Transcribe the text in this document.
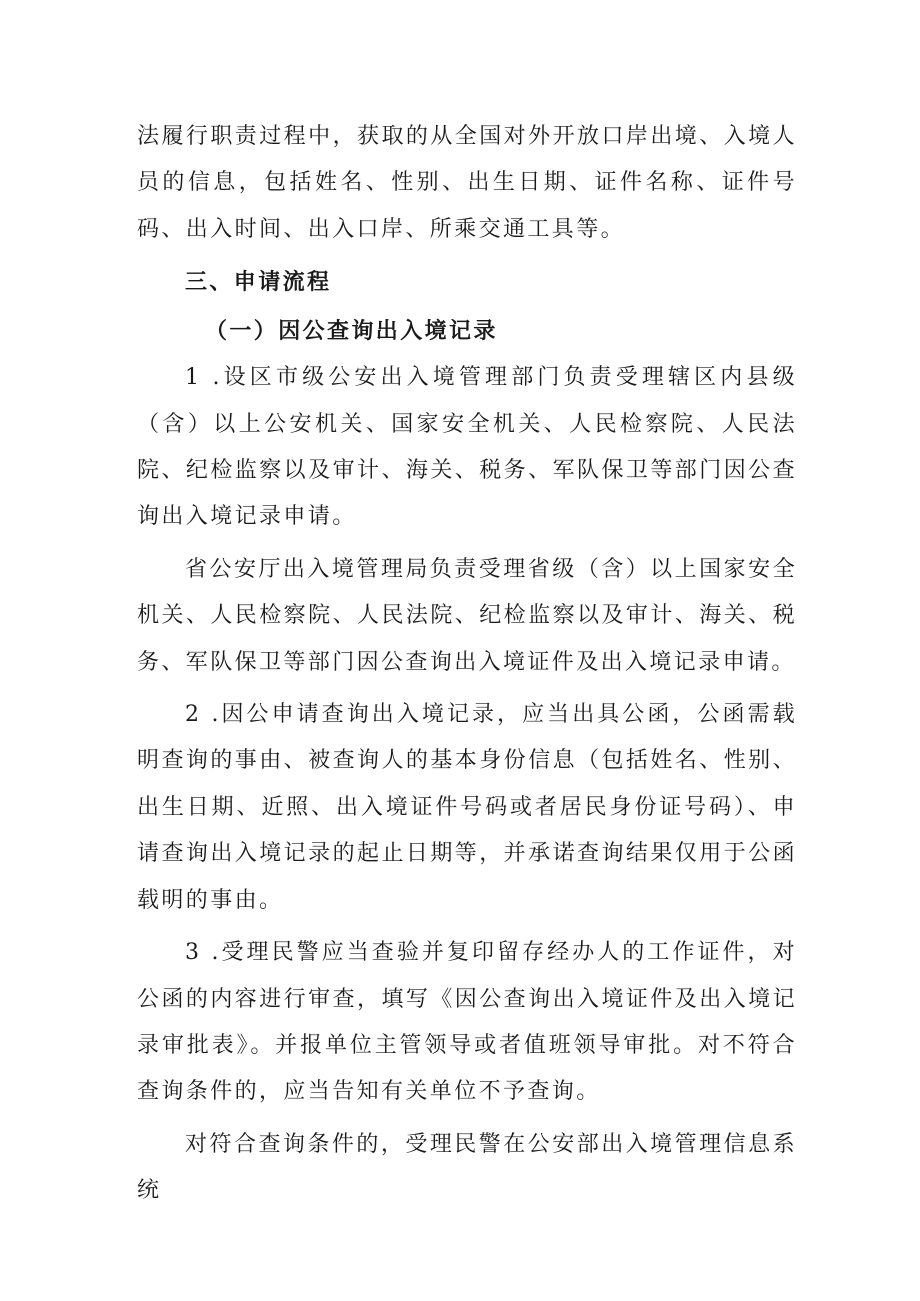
法履行职责过程中，获取的从全国对外开放口岸出境、入境人员的信息，包括姓名、性别、出生日期、证件名称、证件号码、出入时间、出入口岸、所乘交通工具等。

三、申请流程

（一）因公查询出入境记录

1 .设区市级公安出入境管理部门负责受理辖区内县级（含）以上公安机关、国家安全机关、人民检察院、人民法院、纪检监察以及审计、海关、税务、军队保卫等部门因公查询出入境记录申请。

省公安厅出入境管理局负责受理省级（含）以上国家安全机关、人民检察院、人民法院、纪检监察以及审计、海关、税务、军队保卫等部门因公查询出入境证件及出入境记录申请。

2 .因公申请查询出入境记录，应当出具公函，公函需载明查询的事由、被查询人的基本身份信息（包括姓名、性别、出生日期、近照、出入境证件号码或者居民身份证号码）、申请查询出入境记录的起止日期等，并承诺查询结果仅用于公函载明的事由。

3 .受理民警应当查验并复印留存经办人的工作证件，对公函的内容进行审查，填写《因公查询出入境证件及出入境记录审批表》。并报单位主管领导或者值班领导审批。对不符合查询条件的，应当告知有关单位不予查询。

对符合查询条件的，受理民警在公安部出入境管理信息系统
